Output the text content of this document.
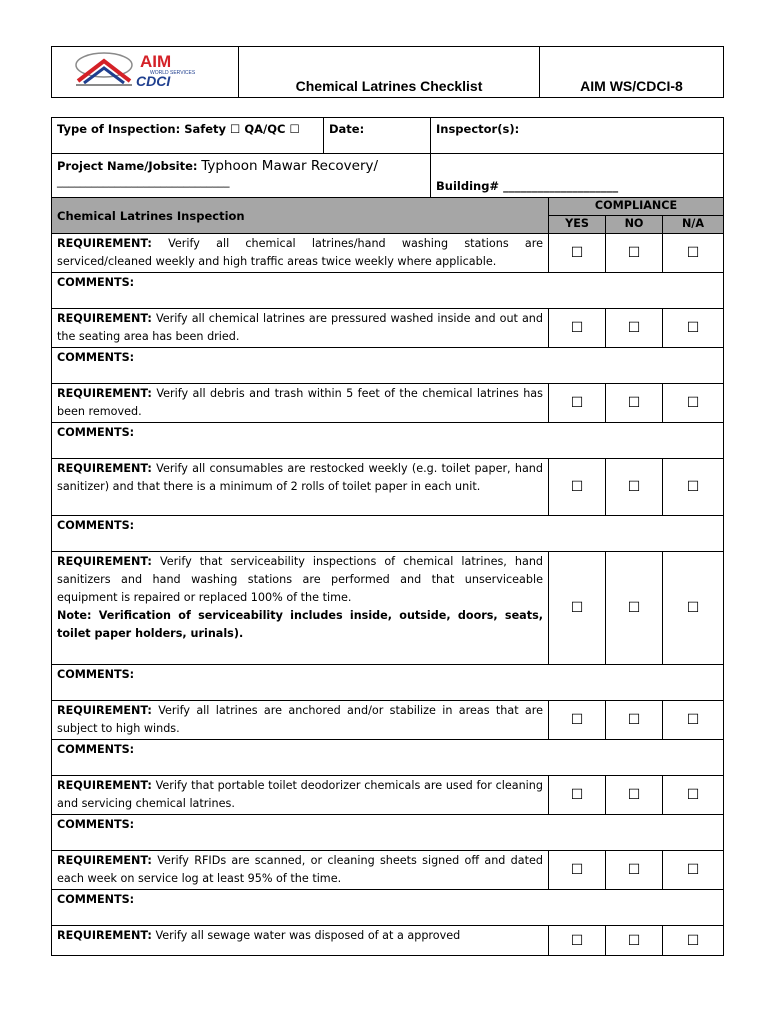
AIM
WORLD SERVICES
CDCI	Chemical Latrines Checklist	AIM WS/CDCI-8
Type of Inspection: Safety ☐ QA/QC ☐	Date:	Inspector(s):
Project Name/Jobsite: Typhoon Mawar Recovery/
______________________________		Building# ____________________
Chemical Latrines Inspection	COMPLIANCE		
	YES	NO	N/A
REQUIREMENT: Verify all chemical latrines/hand washing stations are serviced/cleaned weekly and high traffic areas twice weekly where applicable.	☐	☐	☐
COMMENTS:			
REQUIREMENT: Verify all chemical latrines are pressured washed inside and out and the seating area has been dried.	☐	☐	☐
COMMENTS:			
REQUIREMENT: Verify all debris and trash within 5 feet of the chemical latrines has been removed.	☐	☐	☐
COMMENTS:			
REQUIREMENT: Verify all consumables are restocked weekly (e.g. toilet paper, hand sanitizer) and that there is a minimum of 2 rolls of toilet paper in each unit.	☐	☐	☐
COMMENTS:			
REQUIREMENT: Verify that serviceability inspections of chemical latrines, hand sanitizers and hand washing stations are performed and that unserviceable equipment is repaired or replaced 100% of the time.
Note: Verification of serviceability includes inside, outside, doors, seats, toilet paper holders, urinals).	☐	☐	☐
COMMENTS:			
REQUIREMENT: Verify all latrines are anchored and/or stabilize in areas that are subject to high winds.	☐	☐	☐
COMMENTS:			
REQUIREMENT: Verify that portable toilet deodorizer chemicals are used for cleaning and servicing chemical latrines.	☐	☐	☐
COMMENTS:			
REQUIREMENT: Verify RFIDs are scanned, or cleaning sheets signed off and dated each week on service log at least 95% of the time.	☐	☐	☐
COMMENTS:			
REQUIREMENT: Verify all sewage water was disposed of at a approved	☐	☐	☐
